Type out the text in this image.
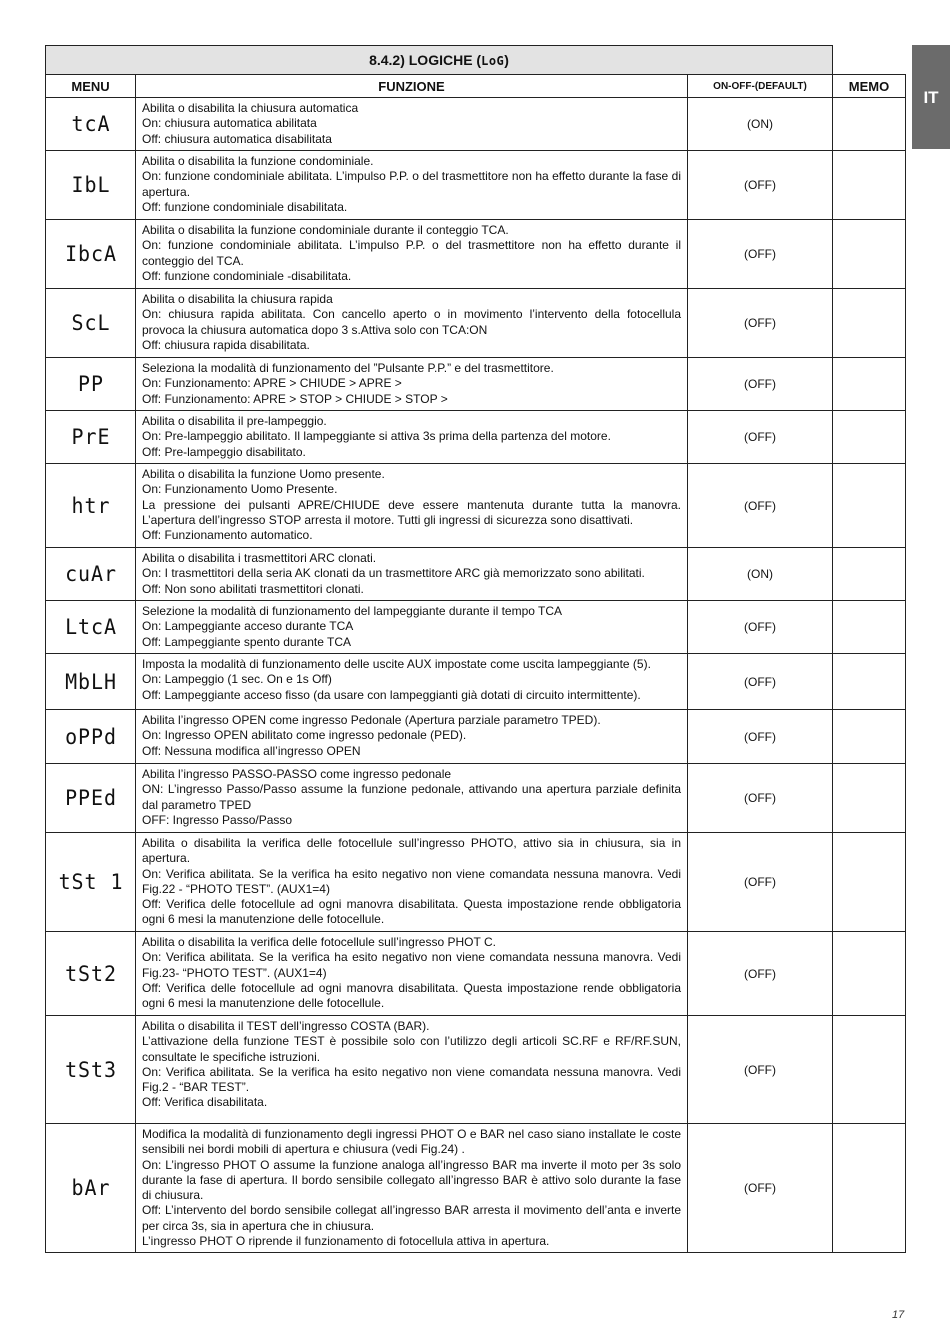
IT
8.4.2) LOGICHE (LoG)			
MENU	FUNZIONE	ON-OFF-(DEFAULT)	MEMO
tcA	Abilita o disabilita la chiusura automatica
On: chiusura automatica abilitata
Off: chiusura automatica disabilitata	(ON)	
IbL	Abilita o disabilita la funzione condominiale.
On: funzione condominiale abilitata. L’impulso P.P. o del trasmettitore non ha effetto durante la fase di apertura.
Off: funzione condominiale disabilitata.	(OFF)	
IbcA	Abilita o disabilita la funzione condominiale durante il conteggio TCA.
On: funzione condominiale abilitata. L’impulso P.P. o del trasmettitore non ha effetto durante il conteggio del TCA.
Off: funzione condominiale -disabilitata.	(OFF)	
ScL	Abilita o disabilita la chiusura rapida
On: chiusura rapida abilitata. Con cancello aperto o in movimento l’intervento della fotocellula provoca la chiusura automatica dopo 3 s.Attiva solo con TCA:ON
Off: chiusura rapida disabilitata.	(OFF)	
PP	Seleziona la modalità di funzionamento del ”Pulsante P.P.” e del trasmettitore.
On: Funzionamento: APRE > CHIUDE > APRE >
Off: Funzionamento: APRE > STOP > CHIUDE > STOP >	(OFF)	
PrE	Abilita o disabilita il pre-lampeggio.
On: Pre-lampeggio abilitato. Il lampeggiante si attiva 3s prima della partenza del motore.
Off: Pre-lampeggio disabilitato.	(OFF)	
htr	Abilita o disabilita la funzione Uomo presente.
On: Funzionamento Uomo Presente.
La pressione dei pulsanti APRE/CHIUDE deve essere mantenuta durante tutta la manovra. L’apertura dell’ingresso STOP arresta il motore. Tutti gli ingressi di sicurezza sono disattivati.
Off: Funzionamento automatico.	(OFF)	
cuAr	Abilita o disabilita i trasmettitori ARC clonati.
On: I trasmettitori della seria AK clonati da un trasmettitore ARC già memorizzato sono abilitati.
Off: Non sono abilitati trasmettitori clonati.	(ON)	
LtcA	Selezione la modalità di funzionamento del lampeggiante durante il tempo TCA
On: Lampeggiante acceso durante TCA
Off: Lampeggiante spento durante TCA	(OFF)	
MbLH	Imposta la modalità di funzionamento delle uscite AUX impostate come uscita lampeggiante (5).
On: Lampeggio (1 sec. On e 1s Off)
Off: Lampeggiante acceso fisso (da usare con lampeggianti già dotati di circuito intermittente).	(OFF)	
oPPd	Abilita l’ingresso OPEN come ingresso Pedonale (Apertura parziale parametro TPED).
On: Ingresso OPEN abilitato come ingresso pedonale (PED).
Off: Nessuna modifica all’ingresso OPEN	(OFF)	
PPEd	Abilita l’ingresso PASSO-PASSO come ingresso pedonale
ON: L’ingresso Passo/Passo assume la funzione pedonale, attivando una apertura parziale definita dal parametro TPED
OFF: Ingresso Passo/Passo	(OFF)	
tSt 1	Abilita o disabilita la verifica delle fotocellule sull’ingresso PHOTO, attivo sia in chiusura, sia in apertura.
On: Verifica abilitata. Se la verifica ha esito negativo non viene comandata nessuna manovra. Vedi Fig.22 - “PHOTO TEST”. (AUX1=4)
Off: Verifica delle fotocellule ad ogni manovra disabilitata. Questa impostazione rende obbligatoria ogni 6 mesi la manutenzione delle fotocellule.	(OFF)	
tSt2	Abilita o disabilita la verifica delle fotocellule sull’ingresso PHOT C.
On: Verifica abilitata. Se la verifica ha esito negativo non viene comandata nessuna manovra. Vedi Fig.23- “PHOTO TEST”. (AUX1=4)
Off: Verifica delle fotocellule ad ogni manovra disabilitata. Questa impostazione rende obbligatoria ogni 6 mesi la manutenzione delle fotocellule.	(OFF)	
tSt3	Abilita o disabilita il TEST dell’ingresso COSTA (BAR).
L’attivazione della funzione TEST è possibile solo con l’utilizzo degli articoli SC.RF e RF/RF.SUN, consultate le specifiche istruzioni.
On: Verifica abilitata. Se la verifica ha esito negativo non viene comandata nessuna manovra. Vedi Fig.2 - “BAR TEST”.
Off: Verifica disabilitata.	(OFF)	
bAr	Modifica la modalità di funzionamento degli ingressi PHOT O e BAR nel caso siano installate le coste sensibili nei bordi mobili di apertura e chiusura (vedi Fig.24) .
On: L’ingresso PHOT O assume la funzione analoga all’ingresso BAR ma inverte il moto per 3s solo durante la fase di apertura. Il bordo sensibile collegato all’ingresso BAR è attivo solo durante la fase di chiusura.
Off: L’intervento del bordo sensibile collegat all’ingresso BAR arresta il movimento dell’anta e inverte per circa 3s, sia in apertura che in chiusura.
L’ingresso PHOT O riprende il funzionamento di fotocellula attiva in apertura.	(OFF)	
17
